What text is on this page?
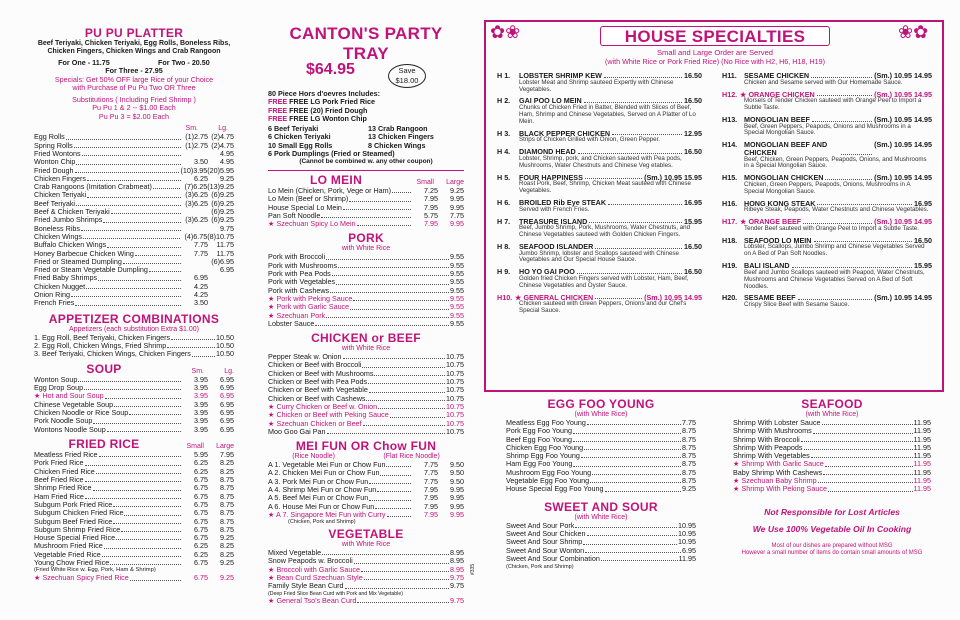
PU PU PLATTER
Beef Teriyaki, Chicken Teriyaki, Egg Rolls, Boneless Ribs, Chicken Fingers, Chicken Wings and Crab Rangoon
For One - 11.75	For Two - 20.50
For Three - 27.95
Specials: Get 50% OFF large Rice of your Choice with Purchase of Pu Pu Two OR Three
Substitutions ( Including Fried Shrimp )
Pu Pu 1 & 2 -- $1.00 Each
Pu Pu 3 = $2.00 Each
Sm.	Lg.
Egg Rolls	(1)2.75 (2)4.75
Spring Rolls	(1)2.75 (2)4.75
Fried Wontons	4.95
Wonton Chip	3.50	4.95
Fried Dough	(10)3.95 (20)5.95
Chicken Fingers	6.25	9.25
Crab Rangoons (Imitation Crabmeat)	(7)6.25 (13)9.25
Chicken Teriyaki	(3)6.25 (6)9.25
Beef Teriyaki	(3)6.25 (6)9.25
Beef & Chicken Teriyaki	(6)9.25
Fried Jumbo Shrimps	(3)6.25 (6)9.25
Boneless Ribs	9.75
Chicken Wings	(4)6.75 (8)10.75
Buffalo Chicken Wings	7.75	11.75
Honey Barbecue Chicken Wing	7.75	11.75
Fried or Steamed Dumpling	(6)6.95
Fried or Steam Vegetable Dumpling	6.95
Fried Baby Shrimps	6.95
Chicken Nugget	4.25
Onion Ring	4.25
French Fries	3.50
APPETIZER COMBINATIONS
Appetizers (each substitution Extra $1.00)
1. Egg Roll, Beef Teriyaki, Chicken Fingers	10.50
2. Egg Roll, Chicken Wings, Fried Shrimp	10.50
3. Beef Teriyaki, Chicken Wings, Chicken Fingers	10.50
SOUP	Sm.	Lg.
Wonton Soup	3.95	6.95
Egg Drop Soup	3.95	6.95
★ Hot and Sour Soup	3.95	6.95
Chinese Vegetable Soup	3.95	6.95
Chicken Noodle or Rice Soup	3.95	6.95
Pork Noodle Soup	3.95	6.95
Wontons Noodle Soup	3.95	6.95
FRIED RICE	Small	Large
Meatless Fried Rice	5.95	7.95
Pork Fried Rice	6.25	8.25
Chicken Fried Rice	6.25	8.25
Beef Fried Rice	6.75	8.75
Shrimp Fried Rice	6.75	8.75
Ham Fried Rice	6.75	8.75
Subgum Pork Fried Rice	6.75	8.75
Subgum Chicken Fried Rice	6.75	8.75
Subgum Beef Fried Rice	6.75	8.75
Subgum Shrimp Fried Rice	6.75	8.75
House Special Fried Rice	6.75	9.25
Mushroom Fried Rice	6.25	8.25
Vegetable Fried Rice	6.25	8.25
Young Chow Fried Rice	6.75	9.25
(Fried White Rice w. Egg, Pork, Ham & Shrimp)
★ Szechuan Spicy Fried Rice	6.75	9.25
CANTON'S PARTY TRAY
$64.95	Save
$18.00
80 Piece Hors d'oevres Includes:
FREE FREE LG Pork Fried Rice
FREE FREE (20) Fried Dough
FREE FREE LG Wonton Chip
6 Beef Teriyaki	13 Crab Rangoon
6 Chicken Teriyaki	13 Chicken Fingers
10 Small Egg Rolls	8 Chicken Wings
6 Pork Dumplings (Fried or Steamed)
(Cannot be combined w. any other coupon)
LO MEIN	Small	Large
Lo Mein (Chicken, Pork, Vege or Ham)	7.25	9.25
Lo Mein (Beef or Shrimp)	7.95	9.95
House Special Lo Mein	7.95	9.95
Pan Soft Noodle	5.75	7.75
★ Szechuan Spicy Lo Mein	7.95	9.95
PORK
with White Rice
Pork with Broccoli	9.55
Pork with Mushrooms	9.55
Pork with Pea Pods	9.55
Pork with Vegetables	9.55
Pork with Cashews	9.55
★ Pork with Peking Sauce	9.55
★ Pork with Garlic Sauce	9.55
★ Szechuan Pork	9.55
Lobster Sauce	9.55
CHICKEN or BEEF
with White Rice
Pepper Steak w. Onion	10.75
Chicken or Beef with Broccoli	10.75
Chicken or Beef with Mushrooms	10.75
Chicken or Beef with Pea Pods	10.75
Chicken or Beef with Vegetable	10.75
Chicken or Beef with Cashews	10.75
★ Curry Chicken or Beef w. Onion	10.75
★ Chicken or Beef with Peking Sauce	10.75
★ Szechuan Chicken or Beef	10.75
Moo Goo Gai Pan	10.75
MEI FUN OR Chow FUN
(Rice Noodle)	(Flat Rice Noodle)
A 1. Vegetable Mei Fun or Chow Fun	7.75	9.50
A 2. Chicken Mei Fun or Chow Fun	7.75	9.50
A 3. Pork Mei Fun or Chow Fun	7.75	9.50
A 4. Shrimp Mei Fun or Chow Fun	7.95	9.95
A 5. Beef Mei Fun or Chow Fun	7.95	9.95
A 6. House Mei Fun or Chow Fun	7.95	9.95
★ A 7. Singapore Mei Fun with Curry	7.95	9.95
(Chicken, Pork and Shrimp)
VEGETABLE
with White Rice
Mixed Vegetable	8.95
Snow Peapods w. Broccoli	8.95
★ Broccoli with Garlic Sauce	8.95
★ Bean Curd Szechuan Style	9.75
Family Style Bean Curd	9.75
(Deep Fried Slice Bean Curd with Pork and Mix Vegetable)
★ General Tso's Bean Curd	9.75
#335
✿❀	❀✿
HOUSE SPECIALTIES
Small and Large Order are Served
(with White Rice or Pork Fried Rice) (No Rice with H2, H6, H18, H19)
H 1.	LOBSTER SHRIMP KEW	16.50
Lobster Meat and Shrimp sauteed Expertly with Chinese Vegetables.
H 2.	GAI POO LO MEIN	16.50
Chunks of Chicken Fried in Batter, Blended with Slices of Beef, Ham, Shrimp and Chinese Vegetables, Served on A Platter of Lo Mein.
H 3.	BLACK PEPPER CHICKEN	12.95
Strips of Chicken Grilled with Onion, Green Pepper.
H 4.	DIAMOND HEAD	16.50
Lobster, Shrimp, pork, and Chicken sauteed with Pea pods, Mushrooms, Water Chestnuts and Chinese Veg etables.
H 5.	FOUR HAPPINESS	(Sm.) 10.95 15.95
Roast Pork, Beef, Shrimp, Chicken Meat sauteed with Chinese Vegetables.
H 6.	BROILED Rib Eye STEAK	16.95
Served with French Fries.
H 7.	TREASURE ISLAND	15.95
Beef, Jumbo Shrimp, Pork, Mushrooms, Water Chestnuts, and Chinese Vegetables sauteed with Golden Chicken Fingers.
H 8.	SEAFOOD ISLANDER	16.50
Jumbo Shrimp, lobster and Scallops sauteed with Chinese Vegetables and Our Special House Sauce.
H 9.	HO YO GAI POO	16.50
Golden fried Chicken Fingers served with Lobster, Ham, Beef, Chinese Vegetables and Oyster Sauce.
H10. ★ GENERAL CHICKEN	(Sm.) 10.95 14.95
Chicken sauteed with Green Peppers, Onions and our Chef's Special Sauce.
H11.	SESAME CHICKEN	(Sm.) 10.95 14.95
Chicken and Sesame served with Our Homemade Sauce.
H12. ★ ORANGE CHICKEN	(Sm.) 10.95 14.95
Morsels of Tender Chicken sauteed with Orange Peel to Import a Subtle Taste.
H13. MONGOLIAN BEEF	(Sm.) 10.95 14.95
Beef, Green Peppers, Peapods, Onions and Mushrooms in a Special Mongolian Sauce.
H14. MONGOLIAN BEEF AND CHICKEN
(Sm.) 10.95 14.95
Beef, Chicken, Green Peppers, Peapods, Onions, and Mushrooms in a Special Mongolian Sauce.
H15. MONGOLIAN CHICKEN	(Sm.) 10.95 14.95
Chicken, Green Peppers, Peapods, Onions, Mushrooms in A Special Mongolian Sauce.
H16. HONG KONG STEAK	16.95
Ribeye Steak, Peapods, Water Chestnuts and Chinese Vegetables.
H17. ★ ORANGE BEEF	(Sm.) 10.95 14.95
Tender Beef sauteed with Orange Peel to Import a Subtle Taste.
H18. SEAFOOD LO MEIN	16.50
Lobster, Scallops, Jumbo Shrimp and Chinese Vegetables Served on A Bed of Pan Soft Noodles.
H19. BALI ISLAND	15.95
Beef and Jumbo Scallops sauteed with Peapod, Water Chestnuts, Mushrooms and Chinese Vegetables Served on A Bed of Soft Noodles.
H20. SESAME BEEF	(Sm.) 10.95 14.95
Crispy Slice Beef with Sesame Sauce.
EGG FOO YOUNG
(with White Rice)
Meatless Egg Foo Young	7.75
Pork Egg Foo Young	8.75
Beef Egg Foo Young	8.75
Chicken Egg Foo Young	8.75
Shrimp Egg Foo Young	8.75
Ham Egg Foo Young	8.75
Mushroom Egg Foo Young	8.75
Vegetable Egg Foo Young	8.75
House Special Egg Foo Young	9.25
SWEET AND SOUR
(with White Rice)
Sweet And Sour Pork	10.95
Sweet And Sour Chicken	10.95
Sweet And Sour Shrimp	10.95
Sweet And Sour Wonton	6.95
Sweet And Sour Combination	11.95
(Chicken, Pork and Shrimp)
SEAFOOD
(with White Rice)
Shrimp With Lobster Sauce	11.95
Shrimp With Mushrooms	11.95
Shrimp With Broccoli	11.95
Shrimp With Peapods	11.95
Shrimp With Vegetables	11.95
★ Shrimp With Garlic Sauce	11.95
Baby Shrimp With Cashews	11.95
★ Szechuan Baby Shrimp	11.95
★ Shrimp With Peking Sauce	11.95
Not Responsible for Lost Articles
We Use 100% Vegetable Oil In Cooking
Most of our dishes are prepared without MSG
However a small number of items do contain small amounts of MSG
